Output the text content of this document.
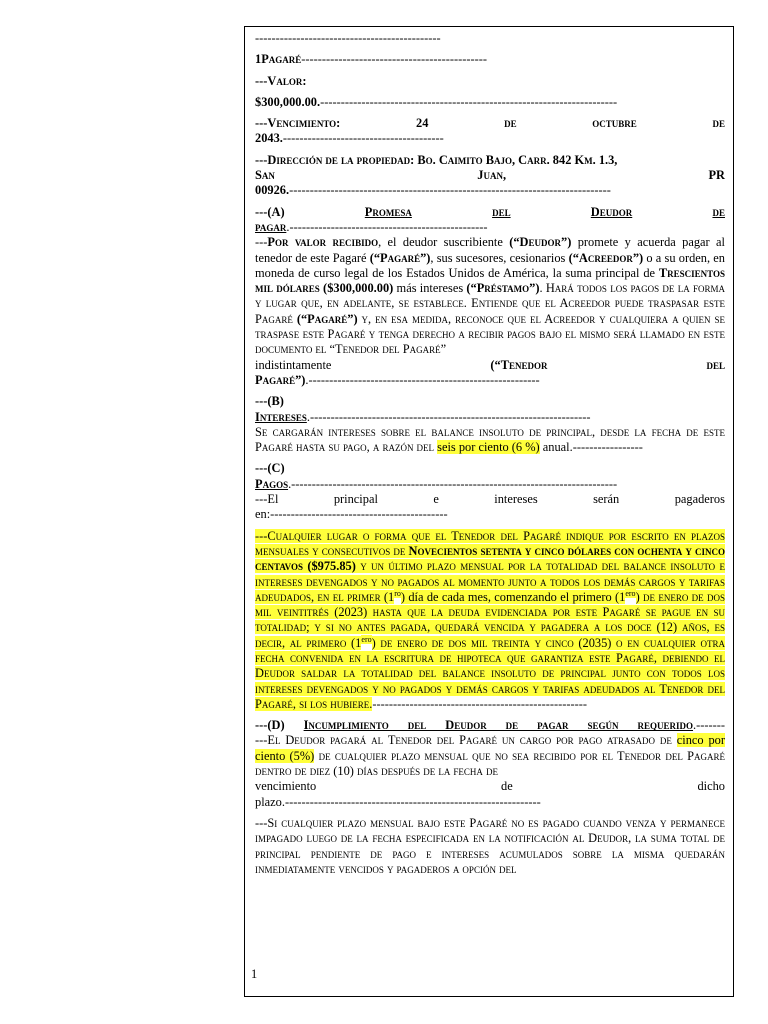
---------------------------------------------

1Pagaré---------------------------------------------

---Valor:

$300,000.00.------------------------------------------------------------------------

---Vencimiento:	24	de	octubre	de

2043.---------------------------------------

---Dirección de la propiedad: Bo. Caimito Bajo, Carr. 842 Km. 1.3,

San	Juan,	PR

00926.------------------------------------------------------------------------------

---(A)	Promesa	del	Deudor	de

pagar.------------------------------------------------

---Por valor recibido, el deudor suscribiente (“Deudor”) promete y acuerda pagar al tenedor de este Pagaré (“Pagaré”), sus sucesores, cesionarios (“Acreedor”) o a su orden, en moneda de curso legal de los Estados Unidos de América, la suma principal de Trescientos mil dólares ($300,000.00) más intereses (“Préstamo”). Hará todos los pagos de la forma y lugar que, en adelante, se establece. Entiende que el Acreedor puede traspasar este Pagaré (“Pagaré”) y, en esa medida, reconoce que el Acreedor y cualquiera a quien se traspase este Pagaré y tenga derecho a recibir pagos bajo el mismo será llamado en este documento el “Tenedor del Pagaré”

indistintamente	(“Tenedor	del

Pagaré”).--------------------------------------------------------

---(B)

Intereses.--------------------------------------------------------------------

Se cargarán intereses sobre el balance insoluto de principal, desde la fecha de este Pagaré hasta su pago, a razón del seis por ciento (6 %) anual.-----------------

---(C)

Pagos.-------------------------------------------------------------------------------

---El	principal	e	intereses	serán	pagaderos

en:-------------------------------------------

---Cualquier lugar o forma que el Tenedor del Pagaré indique por escrito en plazos mensuales y consecutivos de Novecientos setenta y cinco dólares con ochenta y cinco centavos ($975.85) y un último plazo mensual por la totalidad del balance insoluto e intereses devengados y no pagados al momento junto a todos los demás cargos y tarifas adeudados, en el primer $(1^{ro})$ día de cada mes, comenzando el primero $(1^{ero})$ de enero de dos mil veintitrés (2023) hasta que la deuda evidenciada por este Pagaré se pague en su totalidad; y si no antes pagada, quedará vencida y pagadera a los doce (12) años, es decir, al primero $(1^{ero})$ de enero de dos mil treinta y cinco (2035) o en cualquier otra fecha convenida en la escritura de hipoteca que garantiza este Pagaré, debiendo el Deudor saldar la totalidad del balance insoluto de principal junto con todos los intereses devengados y no pagados y demás cargos y tarifas adeudados al Tenedor del Pagaré, si los hubiere.----------------------------------------------------

---(D) Incumplimiento del Deudor de pagar según requerido.-------

---El Deudor pagará al Tenedor del Pagaré un cargo por pago atrasado de cinco por ciento (5%) de cualquier plazo mensual que no sea recibido por el Tenedor del Pagaré dentro de diez (10) días después de la fecha de

vencimiento	de	dicho

plazo.--------------------------------------------------------------

---Si cualquier plazo mensual bajo este Pagaré no es pagado cuando venza y permanece impagado luego de la fecha especificada en la notificación al Deudor, la suma total de principal pendiente de pago e intereses acumulados sobre la misma quedarán inmediatamente vencidos y pagaderos a opción del

1
